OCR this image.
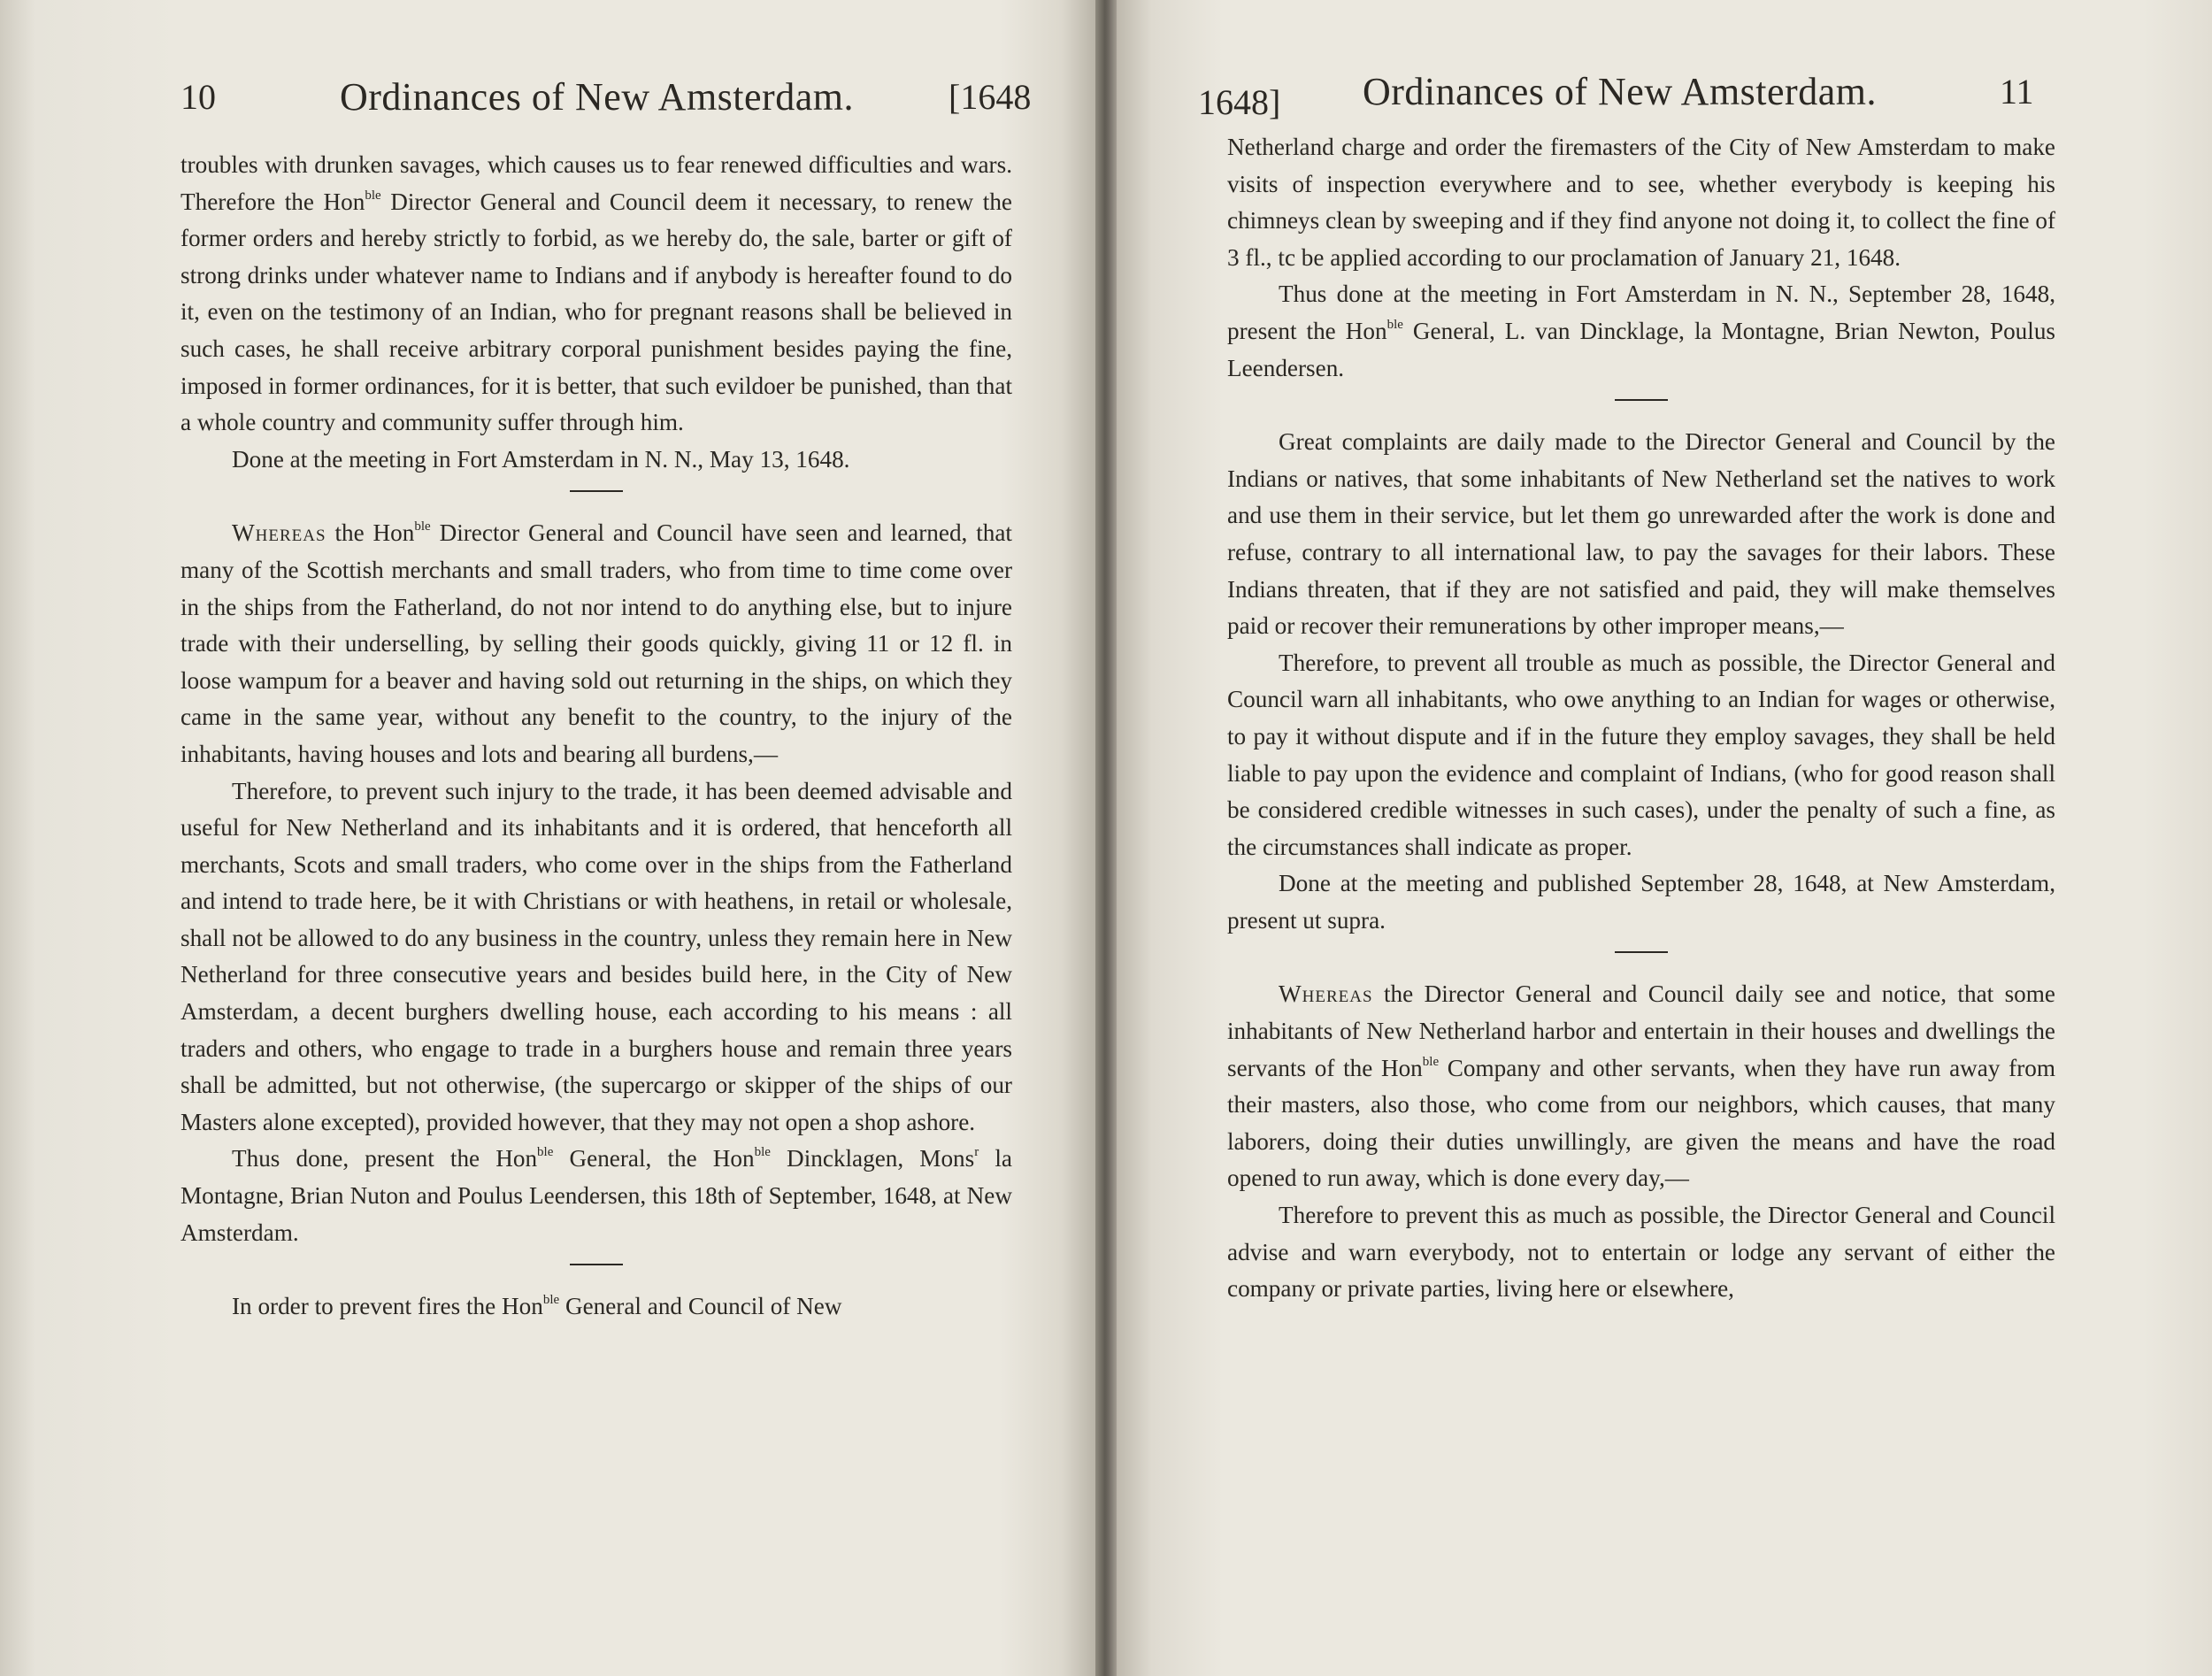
10	Ordinances of New Amsterdam.	[1648

troubles with drunken savages, which causes us to fear renewed difficulties and wars. Therefore the Hon$^{ble}$ Director General and Council deem it necessary, to renew the former orders and hereby strictly to forbid, as we hereby do, the sale, barter or gift of strong drinks under whatever name to Indians and if anybody is hereafter found to do it, even on the testimony of an Indian, who for pregnant reasons shall be believed in such cases, he shall receive arbitrary corporal punishment besides paying the fine, imposed in former ordinances, for it is better, that such evildoer be punished, than that a whole country and community suffer through him.

Done at the meeting in Fort Amsterdam in N. N., May 13, 1648.

Whereas the Hon$^{ble}$ Director General and Council have seen and learned, that many of the Scottish merchants and small traders, who from time to time come over in the ships from the Fatherland, do not nor intend to do anything else, but to injure trade with their underselling, by selling their goods quickly, giving 11 or 12 fl. in loose wampum for a beaver and having sold out returning in the ships, on which they came in the same year, without any benefit to the country, to the injury of the inhabitants, having houses and lots and bearing all burdens,—

Therefore, to prevent such injury to the trade, it has been deemed advisable and useful for New Netherland and its inhabitants and it is ordered, that henceforth all merchants, Scots and small traders, who come over in the ships from the Fatherland and intend to trade here, be it with Christians or with heathens, in retail or wholesale, shall not be allowed to do any business in the country, unless they remain here in New Netherland for three consecutive years and besides build here, in the City of New Amsterdam, a decent burghers dwelling house, each according to his means : all traders and others, who engage to trade in a burghers house and remain three years shall be admitted, but not otherwise, (the supercargo or skipper of the ships of our Masters alone excepted), provided however, that they may not open a shop ashore.

Thus done, present the Hon$^{ble}$ General, the Hon$^{ble}$ Dincklagen, Mons$^r$ la Montagne, Brian Nuton and Poulus Leendersen, this 18th of September, 1648, at New Amsterdam.

In order to prevent fires the Hon$^{ble}$ General and Council of New

1648] Ordinances of New Amsterdam.	11

Netherland charge and order the firemasters of the City of New Amsterdam to make visits of inspection everywhere and to see, whether everybody is keeping his chimneys clean by sweeping and if they find anyone not doing it, to collect the fine of 3 fl., tc be applied according to our proclamation of January 21, 1648.

Thus done at the meeting in Fort Amsterdam in N. N., September 28, 1648, present the Hon$^{ble}$ General, L. van Dincklage, la Montagne, Brian Newton, Poulus Leendersen.

Great complaints are daily made to the Director General and Council by the Indians or natives, that some inhabitants of New Netherland set the natives to work and use them in their service, but let them go unrewarded after the work is done and refuse, contrary to all international law, to pay the savages for their labors. These Indians threaten, that if they are not satisfied and paid, they will make themselves paid or recover their remunerations by other improper means,—

Therefore, to prevent all trouble as much as possible, the Director General and Council warn all inhabitants, who owe anything to an Indian for wages or otherwise, to pay it without dispute and if in the future they employ savages, they shall be held liable to pay upon the evidence and complaint of Indians, (who for good reason shall be considered credible witnesses in such cases), under the penalty of such a fine, as the circumstances shall indicate as proper.

Done at the meeting and published September 28, 1648, at New Amsterdam, present ut supra.

Whereas the Director General and Council daily see and notice, that some inhabitants of New Netherland harbor and entertain in their houses and dwellings the servants of the Hon$^{ble}$ Company and other servants, when they have run away from their masters, also those, who come from our neighbors, which causes, that many laborers, doing their duties unwillingly, are given the means and have the road opened to run away, which is done every day,—

Therefore to prevent this as much as possible, the Director General and Council advise and warn everybody, not to entertain or lodge any servant of either the company or private parties, living here or elsewhere,
